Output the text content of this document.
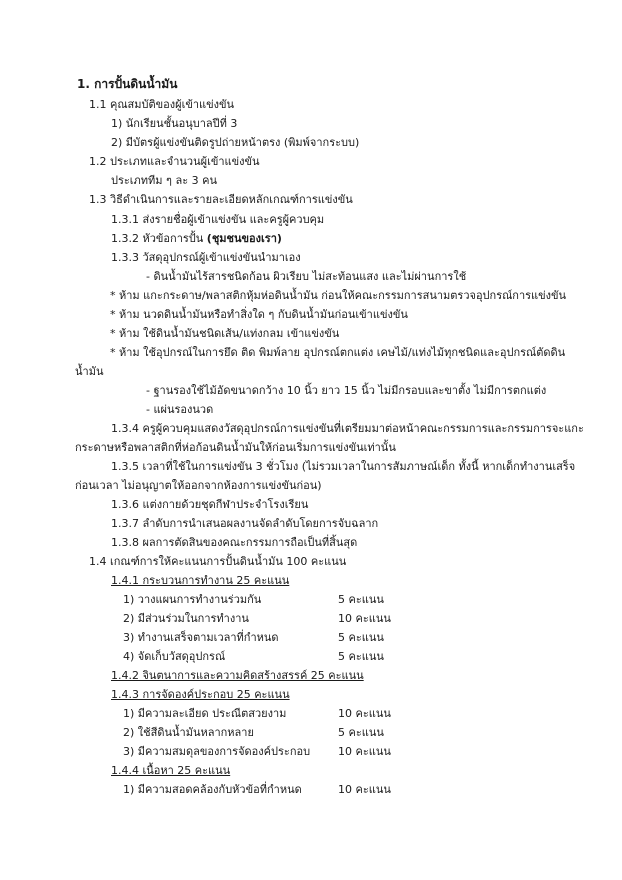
1. การปั้นดินน้ำมัน
1.1 คุณสมบัติของผู้เข้าแข่งขัน
1) นักเรียนชั้นอนุบาลปีที่ 3
2) มีบัตรผู้แข่งขันติดรูปถ่ายหน้าตรง (พิมพ์จากระบบ)
1.2 ประเภทและจำนวนผู้เข้าแข่งขัน
ประเภททีม ๆ ละ 3 คน
1.3 วิธีดำเนินการและรายละเอียดหลักเกณฑ์การแข่งขัน
1.3.1 ส่งรายชื่อผู้เข้าแข่งขัน และครูผู้ควบคุม
1.3.2 หัวข้อการปั้น (ชุมชนของเรา)
1.3.3 วัสดุอุปกรณ์ผู้เข้าแข่งขันนำมาเอง
- ดินน้ำมันไร้สารชนิดก้อน ผิวเรียบ ไม่สะท้อนแสง และไม่ผ่านการใช้
* ห้าม แกะกระดาษ/พลาสติกหุ้มห่อดินน้ำมัน ก่อนให้คณะกรรมการสนามตรวจอุปกรณ์การแข่งขัน
* ห้าม นวดดินน้ำมันหรือทำสิ่งใด ๆ กับดินน้ำมันก่อนเข้าแข่งขัน
* ห้าม ใช้ดินน้ำมันชนิดเส้น/แท่งกลม เข้าแข่งขัน
* ห้าม ใช้อุปกรณ์ในการยึด ติด พิมพ์ลาย อุปกรณ์ตกแต่ง เคษไม้/แท่งไม้ทุกชนิดและอุปกรณ์ตัดดิน
น้ำมัน
- ฐานรองใช้ไม้อัดขนาดกว้าง 10 นิ้ว ยาว 15 นิ้ว ไม่มีกรอบและขาตั้ง ไม่มีการตกแต่ง
- แผ่นรองนวด
1.3.4 ครูผู้ควบคุมแสดงวัสดุอุปกรณ์การแข่งขันที่เตรียมมาต่อหน้าคณะกรรมการและกรรมการจะแกะ
กระดาษหรือพลาสติกที่ห่อก้อนดินน้ำมันให้ก่อนเริ่มการแข่งขันเท่านั้น
1.3.5 เวลาที่ใช้ในการแข่งขัน 3 ชั่วโมง (ไม่รวมเวลาในการสัมภาษณ์เด็ก ทั้งนี้ หากเด็กทำงานเสร็จ
ก่อนเวลา ไม่อนุญาตให้ออกจากห้องการแข่งขันก่อน)
1.3.6 แต่งกายด้วยชุดกีฬาประจำโรงเรียน
1.3.7 ลำดับการนำเสนอผลงานจัดลำดับโดยการจับฉลาก
1.3.8 ผลการตัดสินของคณะกรรมการถือเป็นที่สิ้นสุด
1.4 เกณฑ์การให้คะแนนการปั้นดินน้ำมัน 100 คะแนน
1.4.1 กระบวนการทำงาน 25 คะแนน
1) วางแผนการทำงานร่วมกัน	5 คะแนน
2) มีส่วนร่วมในการทำงาน	10 คะแนน
3) ทำงานเสร็จตามเวลาที่กำหนด	5 คะแนน
4) จัดเก็บวัสดุอุปกรณ์	5 คะแนน
1.4.2 จินตนาการและความคิดสร้างสรรค์ 25 คะแนน
1.4.3 การจัดองค์ประกอบ 25 คะแนน
1) มีความละเอียด ประณีตสวยงาม	10 คะแนน
2) ใช้สีดินน้ำมันหลากหลาย	5 คะแนน
3) มีความสมดุลของการจัดองค์ประกอบ	10 คะแนน
1.4.4 เนื้อหา 25 คะแนน
1) มีความสอดคล้องกับหัวข้อที่กำหนด	10 คะแนน
